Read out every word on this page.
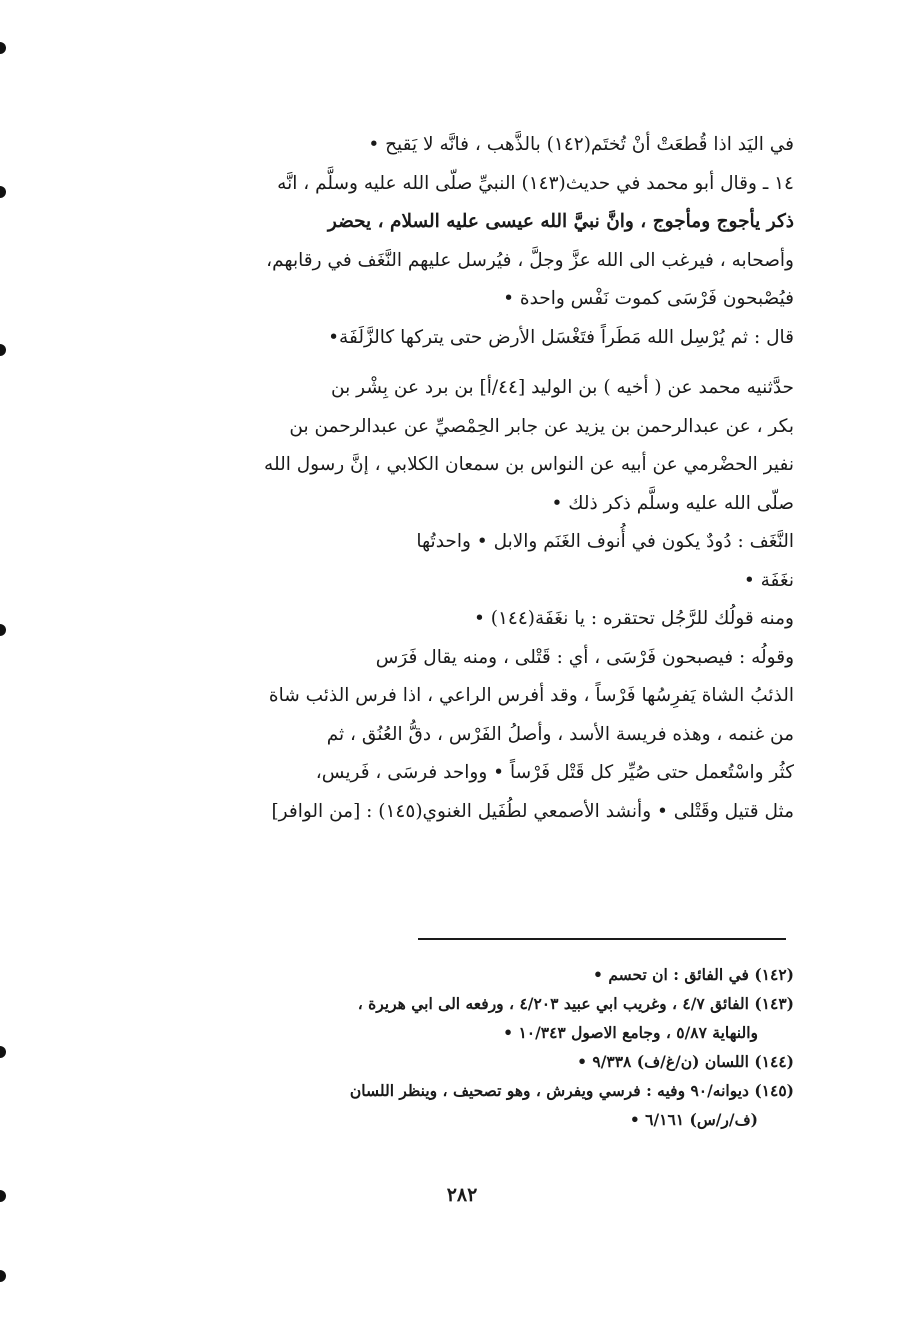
في اليَد اذا قُطعَتْ أنْ تُختَم(١٤٢) بالذَّهب ، فانَّه لا يَقيح •
١٤ ـ وقال أبو محمد في حديث(١٤٣) النبيِّ صلّى الله عليه وسلَّم ، انَّه
ذكر يأجوج ومأجوج ، وانَّ نبيَّ الله عيسى عليه السلام ، يحضر
وأصحابه ، فيرغب الى الله عزَّ وجلَّ ، فيُرسل عليهم النَّغَف في رقابهم،
فيُصْبحون فَرْسَى كموت نَفْس واحدة •
قال : ثم يُرْسِل الله مَطَراً فتَغْسَل الأرض حتى يتركها كالزَّلَفَة•
حدَّثنيه محمد عن ( أخيه ) بن الوليد [٤٤/أ] بن برد عن بِشْر بن
بكر ، عن عبدالرحمن بن يزيد عن جابر الحِمْصيِّ عن عبدالرحمن بن
نفير الحضْرمي عن أبيه عن النواس بن سمعان الكلابي ، إنَّ رسول الله
صلّى الله عليه وسلَّم ذكر ذلك •
النَّغَف : دُودٌ يكون في أُنوف الغَنَم والابل • واحدتُها
نغَفَة •
ومنه قولُك للرَّجُل تحتقره : يا نغَفَة(١٤٤) •
وقولُه : فيصبحون فَرْسَى ، أي : قَتْلى ، ومنه يقال فَرَس
الذئبُ الشاة يَفرِسُها فَرْساً ، وقد أفرس الراعي ، اذا فرس الذئب شاة
من غنمه ، وهذه فريسة الأسد ، وأصلُ الفَرْس ، دقُّ العُنُق ، ثم
كثُر واسْتُعمل حتى صُيِّر كل قَتْل فَرْساً • وواحد فرسَى ، فَريس،
مثل قتيل وقَتْلى • وأنشد الأصمعي لطُفَيل الغنوي(١٤٥) : [من الوافر]
(١٤٢) في الفائق : ان تحسم •
(١٤٣) الفائق ٤/٧ ، وغريب ابي عبيد ٤/٢٠٣ ، ورفعه الى ابي هريرة ،
والنهاية ٥/٨٧ ، وجامع الاصول ١٠/٣٤٣ •
(١٤٤) اللسان (ن/غ/ف) ٩/٣٣٨ •
(١٤٥) ديوانه/٩٠ وفيه : فرسي ويفرش ، وهو تصحيف ، وينظر اللسان
(ف/ر/س) ٦/١٦١ •
٢٨٢
